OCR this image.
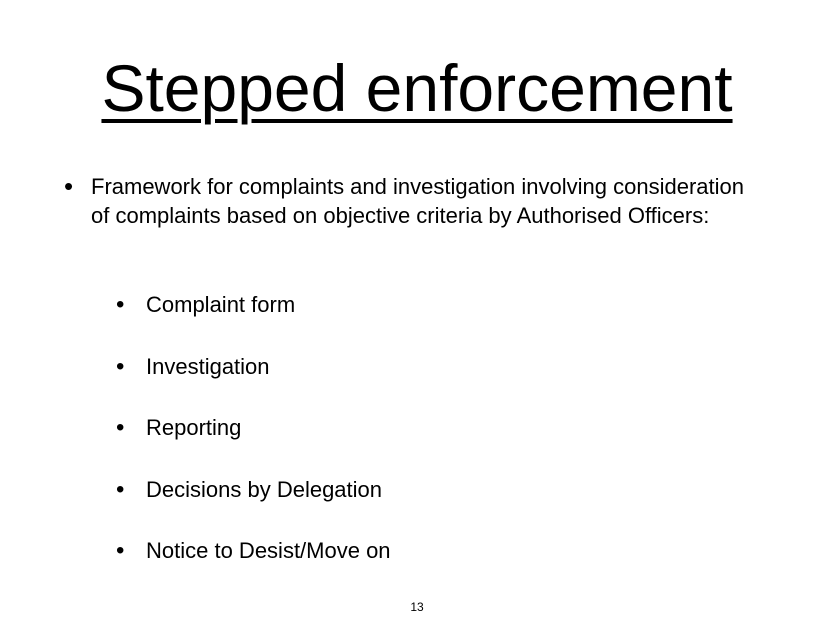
Stepped enforcement
• Framework for complaints and investigation involving consideration of complaints based on objective criteria by Authorised Officers:
• Complaint form
• Investigation
• Reporting
• Decisions by Delegation
• Notice to Desist/Move on
13
